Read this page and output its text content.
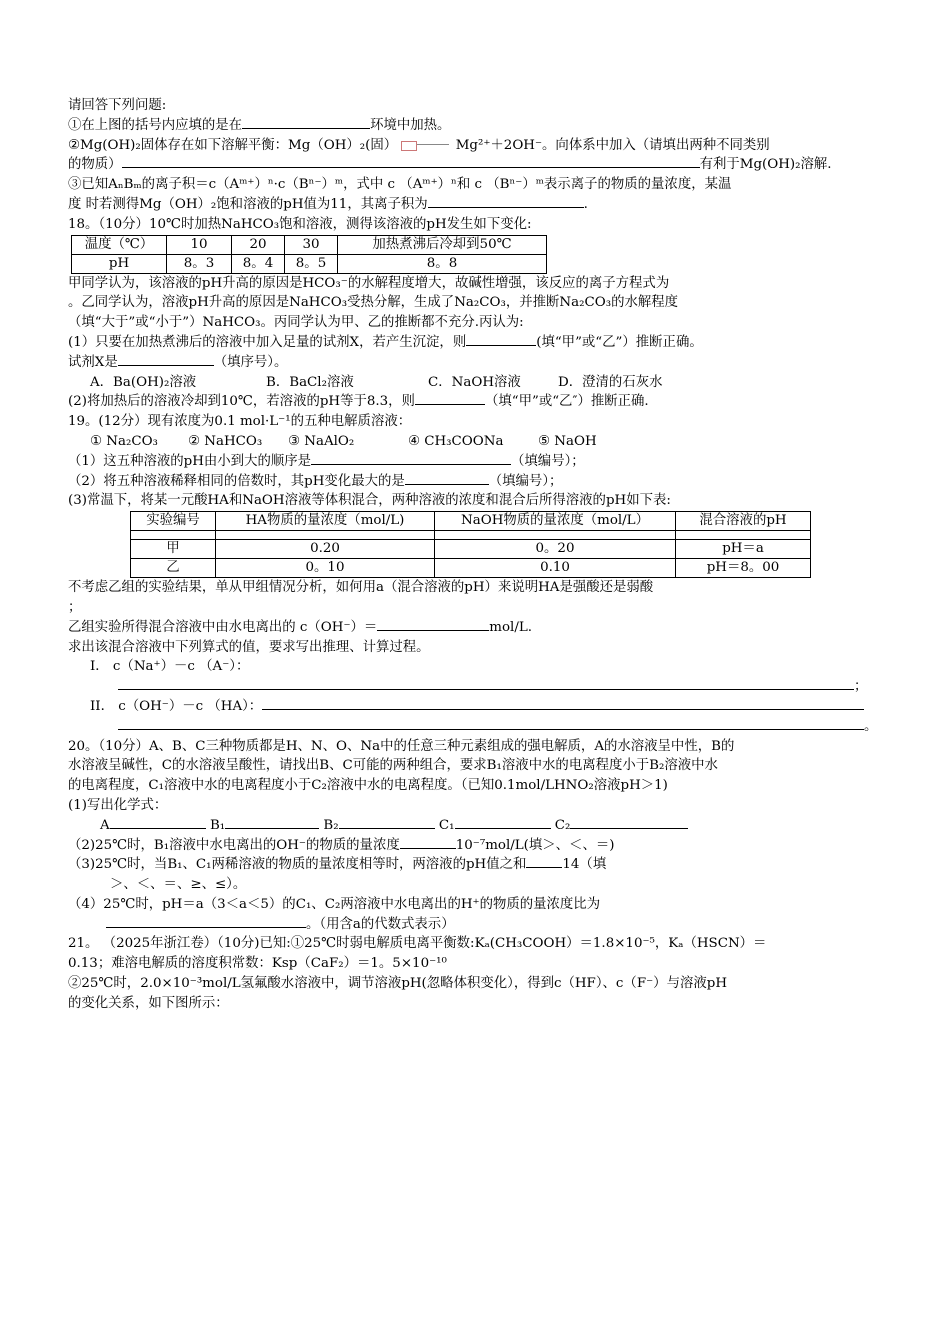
请回答下列问题:
①在上图的括号内应填的是在	环境中加热。
②Mg(OH)₂固体存在如下溶解平衡：Mg（OH）₂(固）	Mg²⁺＋2OH⁻。向体系中加入（请填出两种不同类别
的物质）	有利于Mg(OH)₂溶解.
③已知AₙBₘ的离子积＝c（Aᵐ⁺）ⁿ·c（Bⁿ⁻）ᵐ，式中 c （Aᵐ⁺）ⁿ和 c （Bⁿ⁻）ᵐ表示离子的物质的量浓度，某温
度 时若测得Mg（OH）₂饱和溶液的pH值为11，其离子积为	.
18。（10分）10℃时加热NaHCO₃饱和溶液，测得该溶液的pH发生如下变化:
温度（℃）	10	20	30	加热煮沸后冷却到50℃
pH	8。3	8。4	8。5	8。8
甲同学认为，该溶液的pH升高的原因是HCO₃⁻的水解程度增大，故碱性增强，该反应的离子方程式为
。乙同学认为，溶液pH升高的原因是NaHCO₃受热分解，生成了Na₂CO₃，并推断Na₂CO₃的水解程度
（填“大于”或“小于”）NaHCO₃。丙同学认为甲、乙的推断都不充分.丙认为:
(1）只要在加热煮沸后的溶液中加入足量的试剂X，若产生沉淀，则	(填“甲”或“乙”）推断正确。
试剂X是	（填序号）。
A．Ba(OH)₂溶液	B．BaCl₂溶液	C．NaOH溶液	D．澄清的石灰水
(2)将加热后的溶液冷却到10℃，若溶液的pH等于8.3，则	（填“甲”或“乙″）推断正确.
19。(12分）现有浓度为0.1 mol·L⁻¹的五种电解质溶液：
① Na₂CO₃ ② NaHCO₃ ③ NaAlO₂	④ CH₃COONa	⑤ NaOH
（1）这五种溶液的pH由小到大的顺序是	（填编号）；
（2）将五种溶液稀释相同的倍数时，其pH变化最大的是	（填编号）；
(3)常温下，将某一元酸HA和NaOH溶液等体积混合，两种溶液的浓度和混合后所得溶液的pH如下表:
实验编号	HA物质的量浓度（mol/L)	NaOH物质的量浓度（mol/L）	混合溶液的pH

甲	0.20	0。20	pH＝a
乙	0。10	0.10	pH＝8。00
不考虑乙组的实验结果，单从甲组情况分析，如何用a（混合溶液的pH）来说明HA是强酸还是弱酸
；
乙组实验所得混合溶液中由水电离出的 c（OH⁻）＝	mol/L.
求出该混合溶液中下列算式的值，要求写出推理、计算过程。
I． c（Na⁺）－c （A⁻）：
；
II． c（OH⁻）－c （HA）：
。
20。（10分）A、B、C三种物质都是H、N、O、Na中的任意三种元素组成的强电解质，A的水溶液呈中性，B的
水溶液呈碱性，C的水溶液呈酸性，请找出B、C可能的两种组合，要求B₁溶液中水的电离程度小于B₂溶液中水
的电离程度，C₁溶液中水的电离程度小于C₂溶液中水的电离程度。（已知0.1mol/LHNO₂溶液pH＞1)
(1)写出化学式：
A	B₁	B₂	C₁	C₂
（2)25℃时，B₁溶液中水电离出的OH⁻的物质的量浓度	10⁻⁷mol/L(填＞、＜、＝)
（3)25℃时，当B₁、C₁两稀溶液的物质的量浓度相等时，两溶液的pH值之和	14（填
＞、＜、＝、≥、≤）。
（4）25℃时，pH＝a（3＜a＜5）的C₁、C₂两溶液中水电离出的H⁺的物质的量浓度比为
。（用含a的代数式表示）
21。 （2025年浙江卷）（10分)已知:①25℃时弱电解质电离平衡数:Kₐ(CH₃COOH）＝1.8×10⁻⁵，Kₐ（HSCN）＝
0.13；难溶电解质的溶度积常数：Ksp（CaF₂）＝1。5×10⁻¹⁰
②25℃时，2.0×10⁻³mol/L氢氟酸水溶液中，调节溶液pH(忽略体积变化），得到c（HF）、c（F⁻）与溶液pH
的变化关系，如下图所示：
